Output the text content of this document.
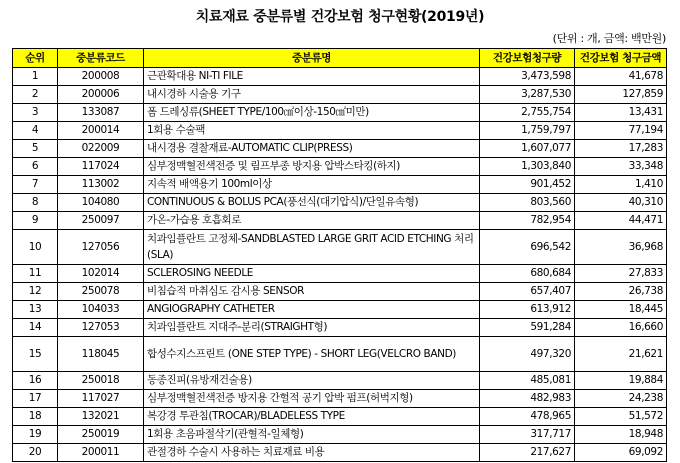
치료재료 중분류별 건강보험 청구현황(2019년)
(단위 : 개, 금액: 백만원)
순위	중분류코드	중분류명	건강보험청구량	건강보험 청구금액
1	200008	근관확대용 NI-TI FILE	3,473,598	41,678
2	200006	내시경하 시술용 기구	3,287,530	127,859
3	133087	폼 드레싱류(SHEET TYPE/100㎠이상-150㎠미만)	2,755,754	13,431
4	200014	1회용 수술팩	1,759,797	77,194
5	022009	내시경용 결찰재료-AUTOMATIC CLIP(PRESS)	1,607,077	17,283
6	117024	심부정맥혈전색전증 및 림프부종 방지용 압박스타킹(하지)	1,303,840	33,348
7	113002	지속적 배액용기 100ml이상	901,452	1,410
8	104080	CONTINUOUS & BOLUS PCA(풍선식(대기압식)/단일유속형)	803,560	40,310
9	250097	가온-가습용 호흡회로	782,954	44,471
10	127056	치과임플란트 고정체-SANDBLASTED LARGE GRIT ACID ETCHING 처리(SLA)	696,542	36,968
11	102014	SCLEROSING NEEDLE	680,684	27,833
12	250078	비침습적 마취심도 감시용 SENSOR	657,407	26,738
13	104033	ANGIOGRAPHY CATHETER	613,912	18,445
14	127053	치과임플란트 지대주-분리(STRAIGHT형)	591,284	16,660
15	118045	합성수지스프린트 (ONE STEP TYPE) - SHORT LEG(VELCRO BAND)	497,320	21,621
16	250018	동종진피(유방재건술용)	485,081	19,884
17	117027	심부정맥혈전색전증 방지용 간헐적 공기 압박 펌프(허벅지형)	482,983	24,238
18	132021	복강경 투관침(TROCAR)/BLADELESS TYPE	478,965	51,572
19	250019	1회용 초음파절삭기(관혈적-일체형)	317,717	18,948
20	200011	관절경하 수술시 사용하는 치료재료 비용	217,627	69,092
